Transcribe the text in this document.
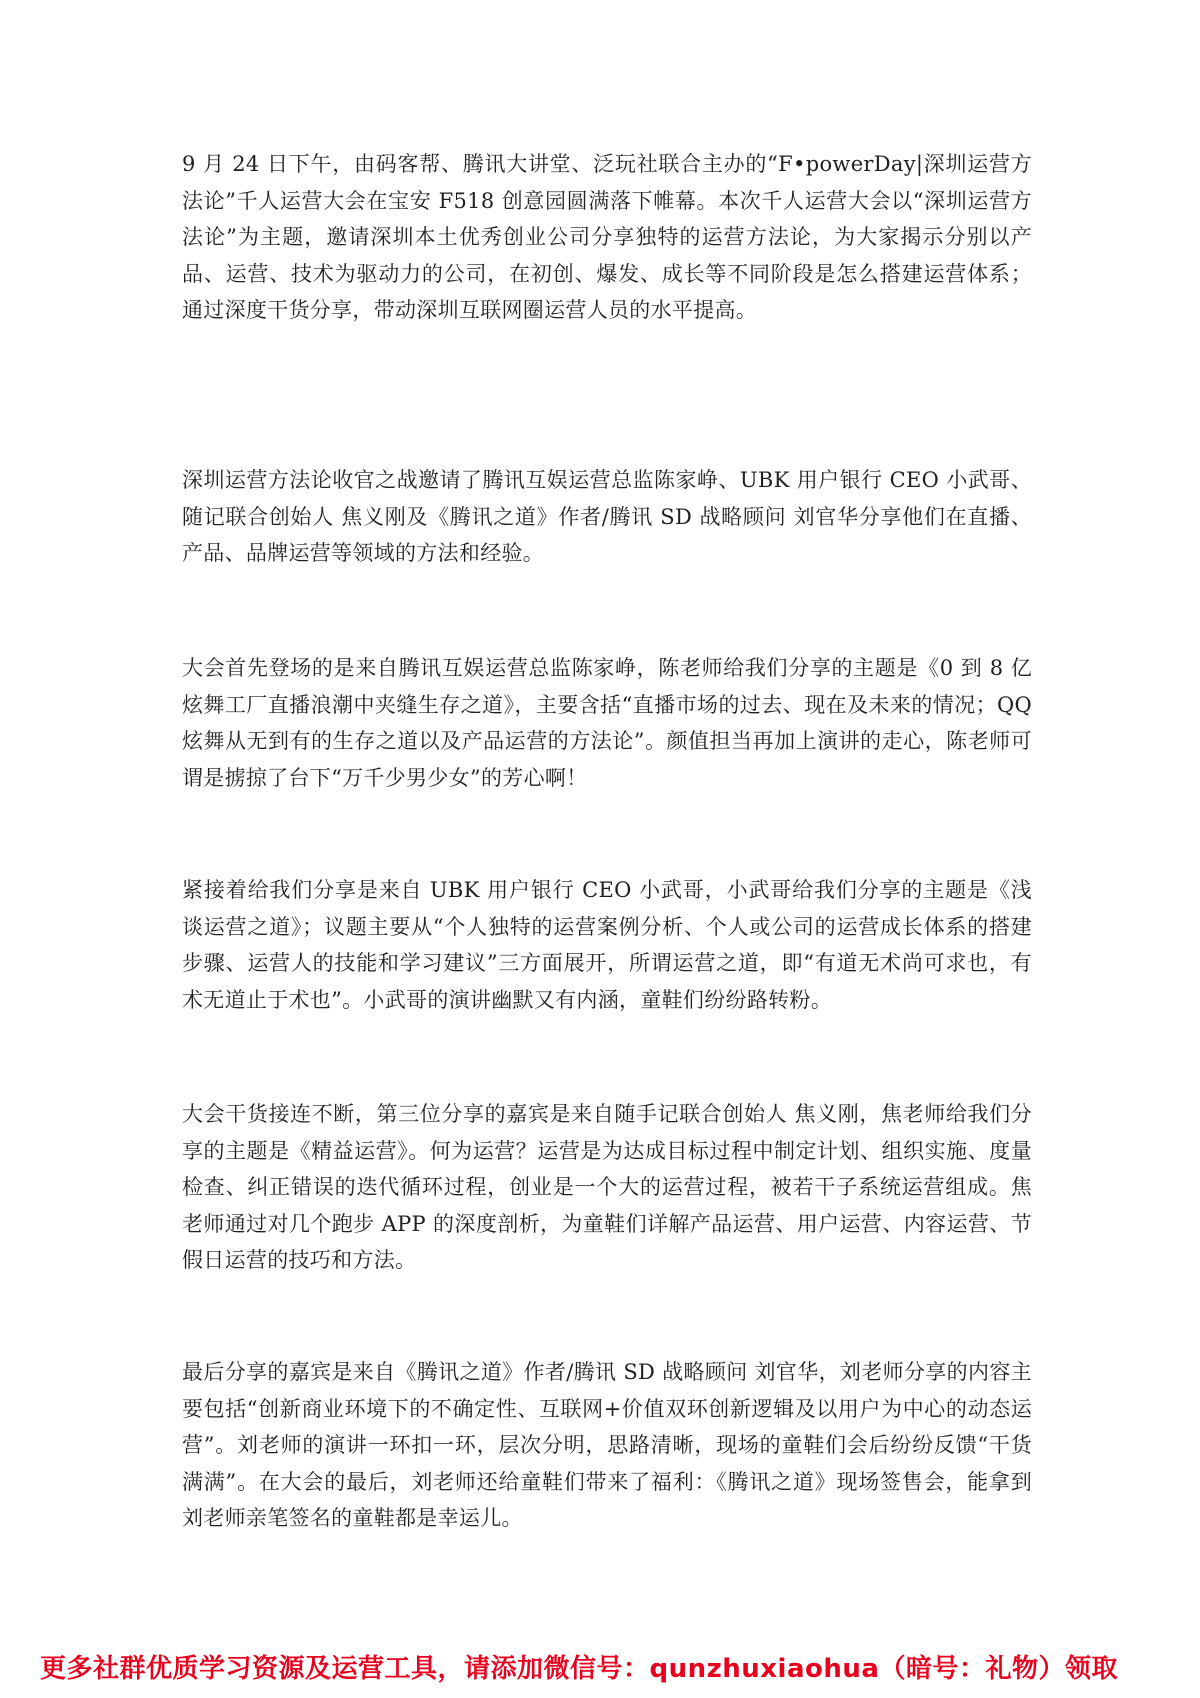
9 月 24 日下午，由码客帮、腾讯大讲堂、泛玩社联合主办的“F•powerDay|深圳运营方法论”千人运营大会在宝安 F518 创意园圆满落下帷幕。本次千人运营大会以“深圳运营方法论”为主题，邀请深圳本土优秀创业公司分享独特的运营方法论，为大家揭示分别以产品、运营、技术为驱动力的公司，在初创、爆发、成长等不同阶段是怎么搭建运营体系；通过深度干货分享，带动深圳互联网圈运营人员的水平提高。

深圳运营方法论收官之战邀请了腾讯互娱运营总监陈家峥、UBK 用户银行 CEO 小武哥、随记联合创始人 焦义刚及《腾讯之道》作者/腾讯 SD 战略顾问 刘官华分享他们在直播、产品、品牌运营等领域的方法和经验。

大会首先登场的是来自腾讯互娱运营总监陈家峥，陈老师给我们分享的主题是《0 到 8 亿炫舞工厂直播浪潮中夹缝生存之道》，主要含括“直播市场的过去、现在及未来的情况；QQ 炫舞从无到有的生存之道以及产品运营的方法论”。颜值担当再加上演讲的走心，陈老师可谓是掳掠了台下“万千少男少女”的芳心啊！

紧接着给我们分享是来自 UBK 用户银行 CEO 小武哥，小武哥给我们分享的主题是《浅谈运营之道》；议题主要从“个人独特的运营案例分析、个人或公司的运营成长体系的搭建步骤、运营人的技能和学习建议”三方面展开，所谓运营之道，即“有道无术尚可求也，有术无道止于术也”。小武哥的演讲幽默又有内涵，童鞋们纷纷路转粉。

大会干货接连不断，第三位分享的嘉宾是来自随手记联合创始人 焦义刚，焦老师给我们分享的主题是《精益运营》。何为运营？运营是为达成目标过程中制定计划、组织实施、度量检查、纠正错误的迭代循环过程，创业是一个大的运营过程，被若干子系统运营组成。焦老师通过对几个跑步 APP 的深度剖析，为童鞋们详解产品运营、用户运营、内容运营、节假日运营的技巧和方法。

最后分享的嘉宾是来自《腾讯之道》作者/腾讯 SD 战略顾问 刘官华，刘老师分享的内容主要包括“创新商业环境下的不确定性、互联网+价值双环创新逻辑及以用户为中心的动态运营”。刘老师的演讲一环扣一环，层次分明，思路清晰，现场的童鞋们会后纷纷反馈“干货满满”。在大会的最后，刘老师还给童鞋们带来了福利：《腾讯之道》现场签售会，能拿到刘老师亲笔签名的童鞋都是幸运儿。

更多社群优质学习资源及运营工具，请添加微信号：qunzhuxiaohua（暗号：礼物）领取
